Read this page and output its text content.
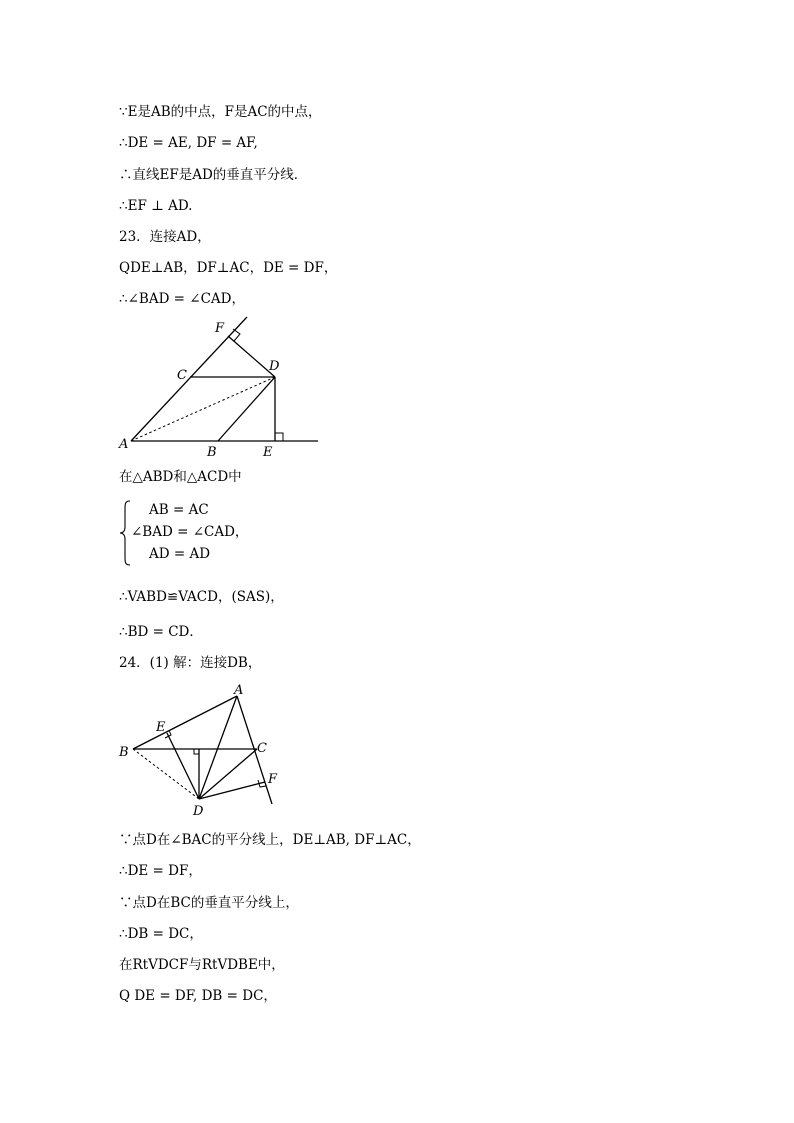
∵E是AB的中点，F是AC的中点，
∴DE = AE, DF = AF,
∴直线EF是AD的垂直平分线．
∴EF ⊥ AD.
23．连接AD，
QDE⊥AB，DF⊥AC，DE = DF，
∴∠BAD = ∠CAD，
F
C
D
A
B	E
在△ABD和△ACD中
AB = AC
∠BAD = ∠CAD，
AD = AD
∴VABD≌VACD，(SAS)，
∴BD = CD．
24．(1) 解：连接DB，
A
E
B	C
F
D
∵点D在∠BAC的平分线上，DE⊥AB, DF⊥AC，
∴DE = DF，
∵点D在BC的垂直平分线上，
∴DB = DC，
在RtVDCF与RtVDBE中，
Q DE = DF, DB = DC，
